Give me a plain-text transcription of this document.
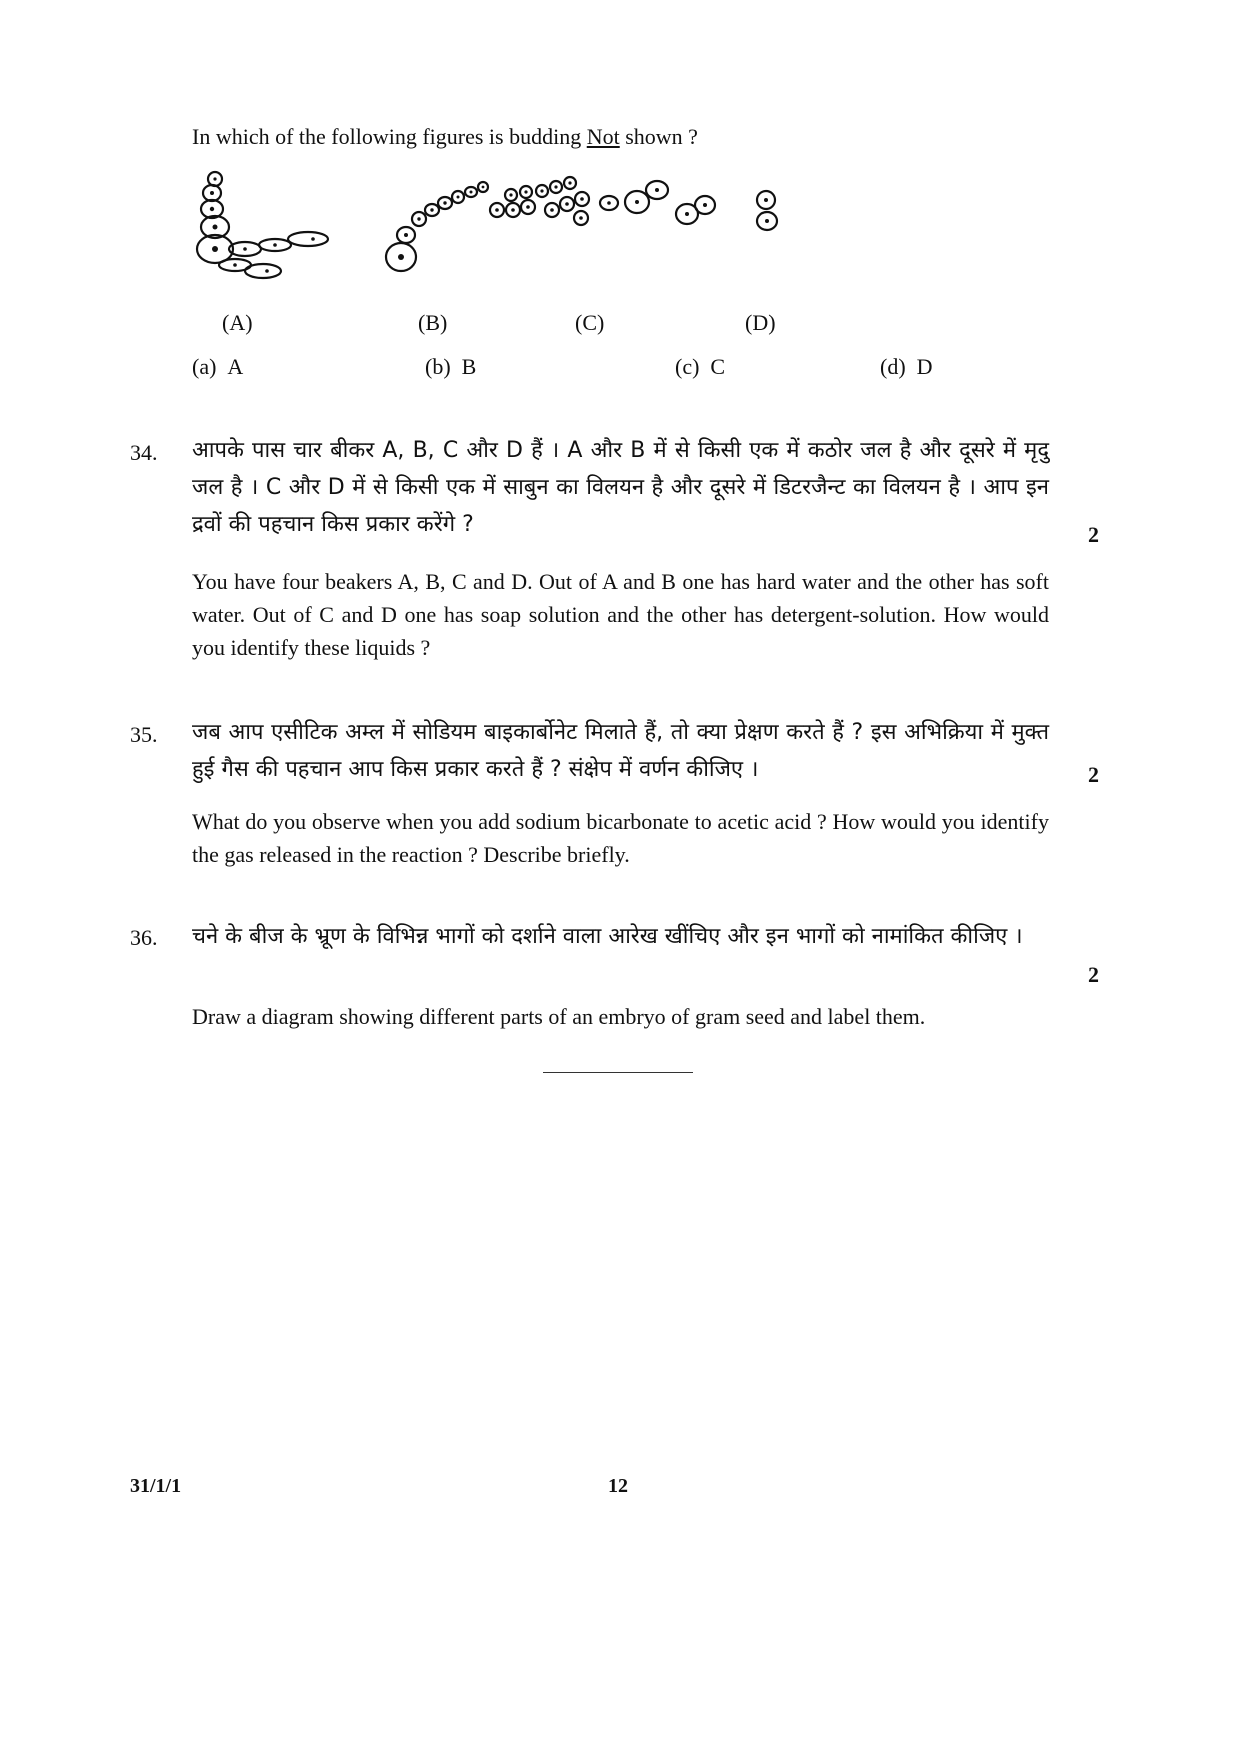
In which of the following figures is budding Not shown ?
(A)	(B)	(C)	(D)
(a) A	(b) B	(c) C	(d) D
34. आपके पास चार बीकर A, B, C और D हैं । A और B में से किसी एक में कठोर जल है और दूसरे में मृदु जल है । C और D में से किसी एक में साबुन का विलयन है और दूसरे में डिटरजैन्ट का विलयन है । आप इन द्रवों की पहचान किस प्रकार करेंगे ?	2
You have four beakers A, B, C and D. Out of A and B one has hard water and the other has soft water. Out of C and D one has soap solution and the other has detergent-solution. How would you identify these liquids ?
35. जब आप एसीटिक अम्ल में सोडियम बाइकार्बोनेट मिलाते हैं, तो क्या प्रेक्षण करते हैं ? इस अभिक्रिया में मुक्त हुई गैस की पहचान आप किस प्रकार करते हैं ? संक्षेप में वर्णन कीजिए ।	2
What do you observe when you add sodium bicarbonate to acetic acid ? How would you identify the gas released in the reaction ? Describe briefly.
36. चने के बीज के भ्रूण के विभिन्न भागों को दर्शाने वाला आरेख खींचिए और इन भागों को नामांकित कीजिए ।
2
Draw a diagram showing different parts of an embryo of gram seed and label them.
31/1/1	12
